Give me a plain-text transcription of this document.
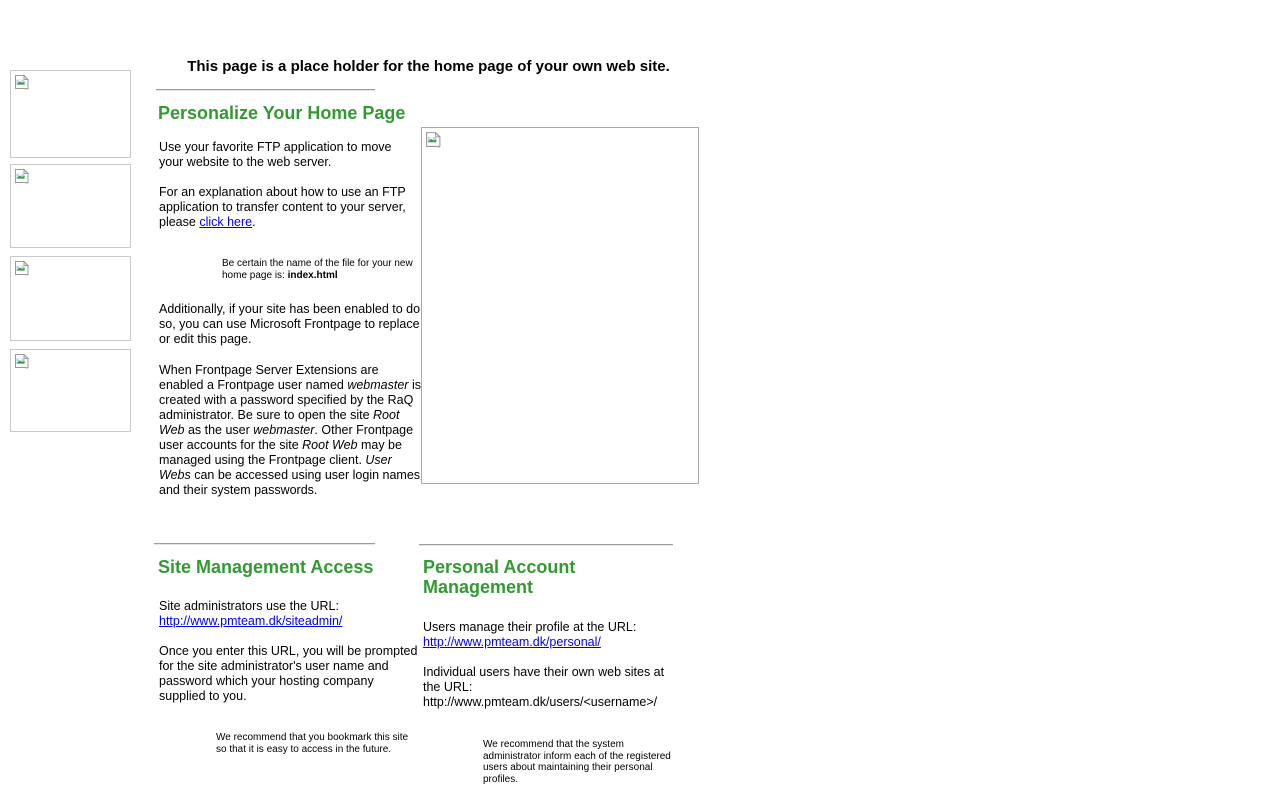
This page is a place holder for the home page of your own web site.
Personalize Your Home Page

Use your favorite FTP application to move your website to the web server.

For an explanation about how to use an FTP application to transfer content to your server, please click here.

Be certain the name of the file for your new home page is: index.html

Additionally, if your site has been enabled to do so, you can use Microsoft Frontpage to replace or edit this page.

When Frontpage Server Extensions are enabled a Frontpage user named webmaster is created with a password specified by the RaQ administrator. Be sure to open the site Root Web as the user webmaster. Other Frontpage user accounts for the site Root Web may be managed using the Frontpage client. User Webs can be accessed using user login names and their system passwords.

Site Management Access

Site administrators use the URL:
http://www.pmteam.dk/siteadmin/

Once you enter this URL, you will be prompted for the site administrator's user name and password which your hosting company supplied to you.

We recommend that you bookmark this site so that it is easy to access in the future.

Personal Account Management

Users manage their profile at the URL:
http://www.pmteam.dk/personal/

Individual users have their own web sites at the URL:
http://www.pmteam.dk/users/<username>/

We recommend that the system administrator inform each of the registered users about maintaining their personal profiles.
